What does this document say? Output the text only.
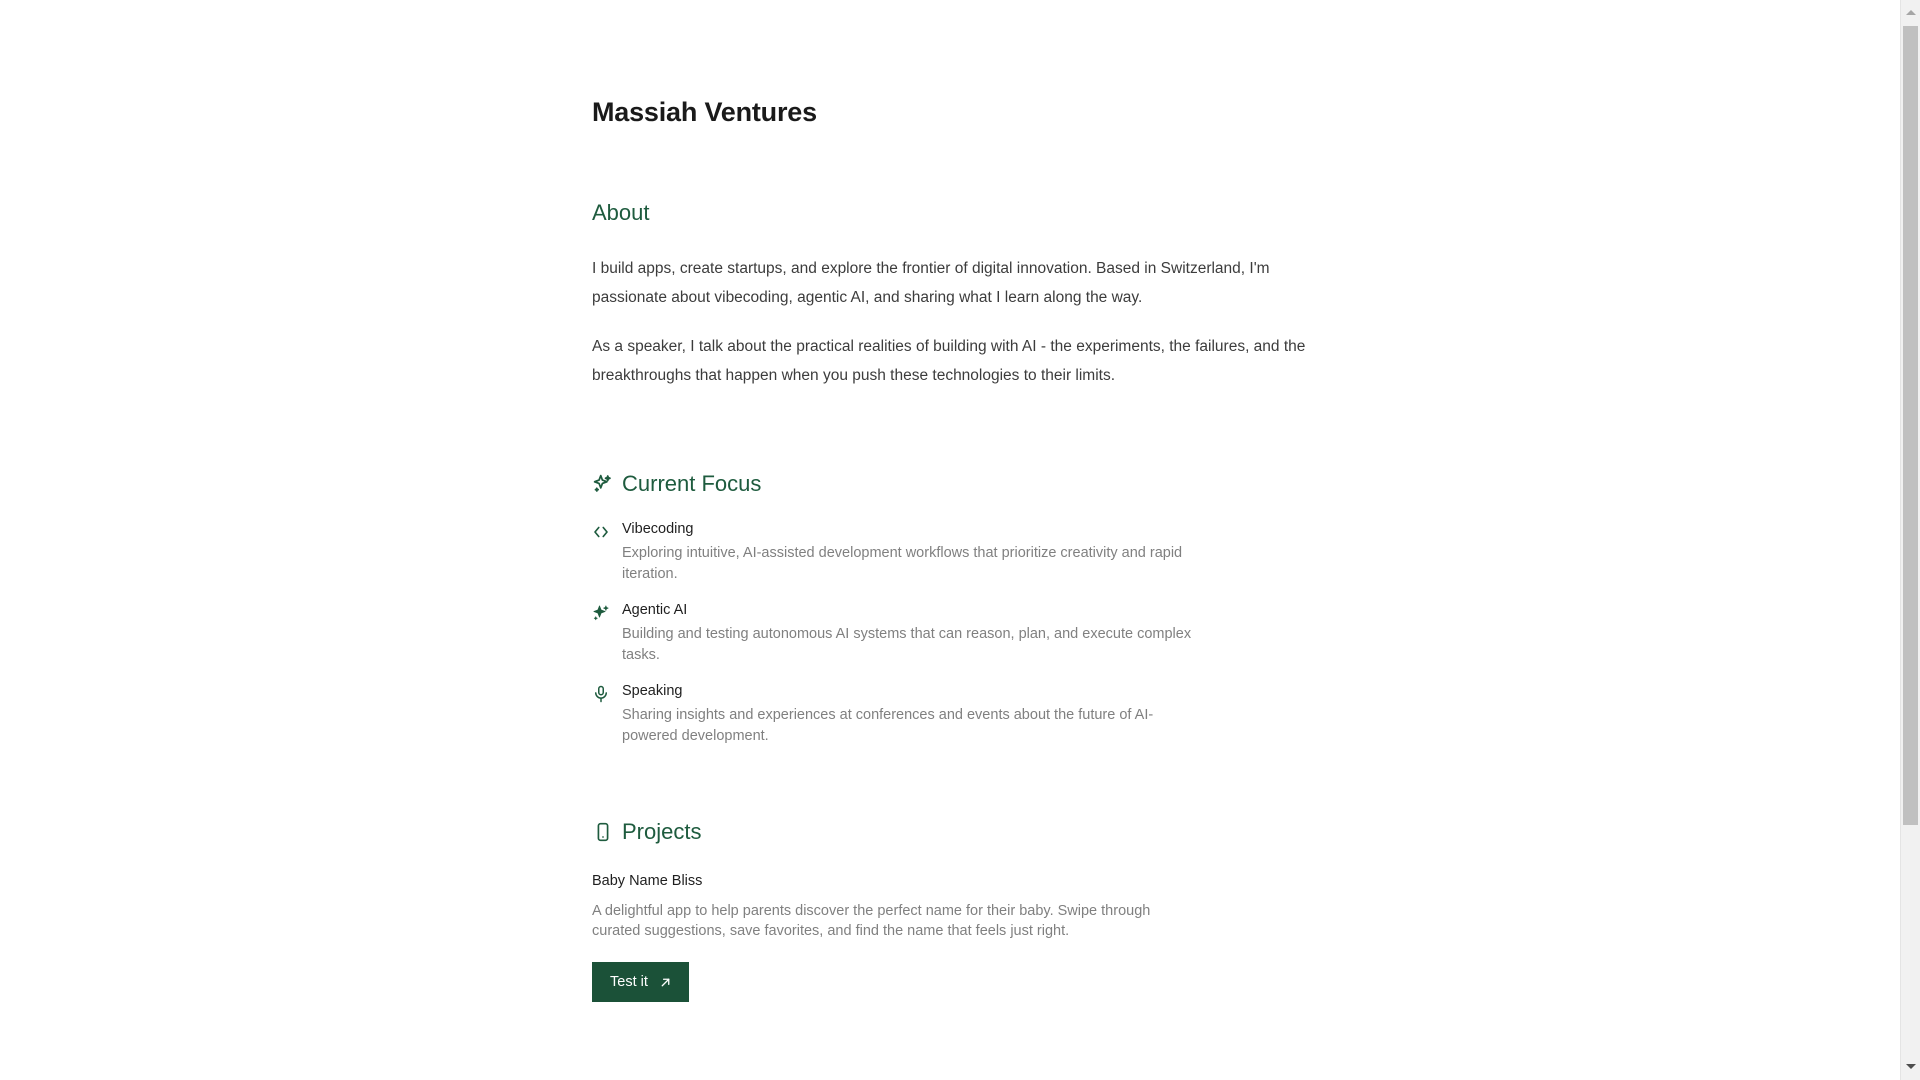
Massiah Ventures
About

I build apps, create startups, and explore the frontier of digital innovation. Based in Switzerland, I'm passionate about vibecoding, agentic AI, and sharing what I learn along the way.

As a speaker, I talk about the practical realities of building with AI - the experiments, the failures, and the breakthroughs that happen when you push these technologies to their limits.

Current Focus
Vibecoding
Exploring intuitive, AI-assisted development workflows that prioritize creativity and rapid iteration.
Agentic AI
Building and testing autonomous AI systems that can reason, plan, and execute complex tasks.
Speaking
Sharing insights and experiences at conferences and events about the future of AI-powered development.
Projects
Baby Name Bliss
A delightful app to help parents discover the perfect name for their baby. Swipe through curated suggestions, save favorites, and find the name that feels just right.
Test it
